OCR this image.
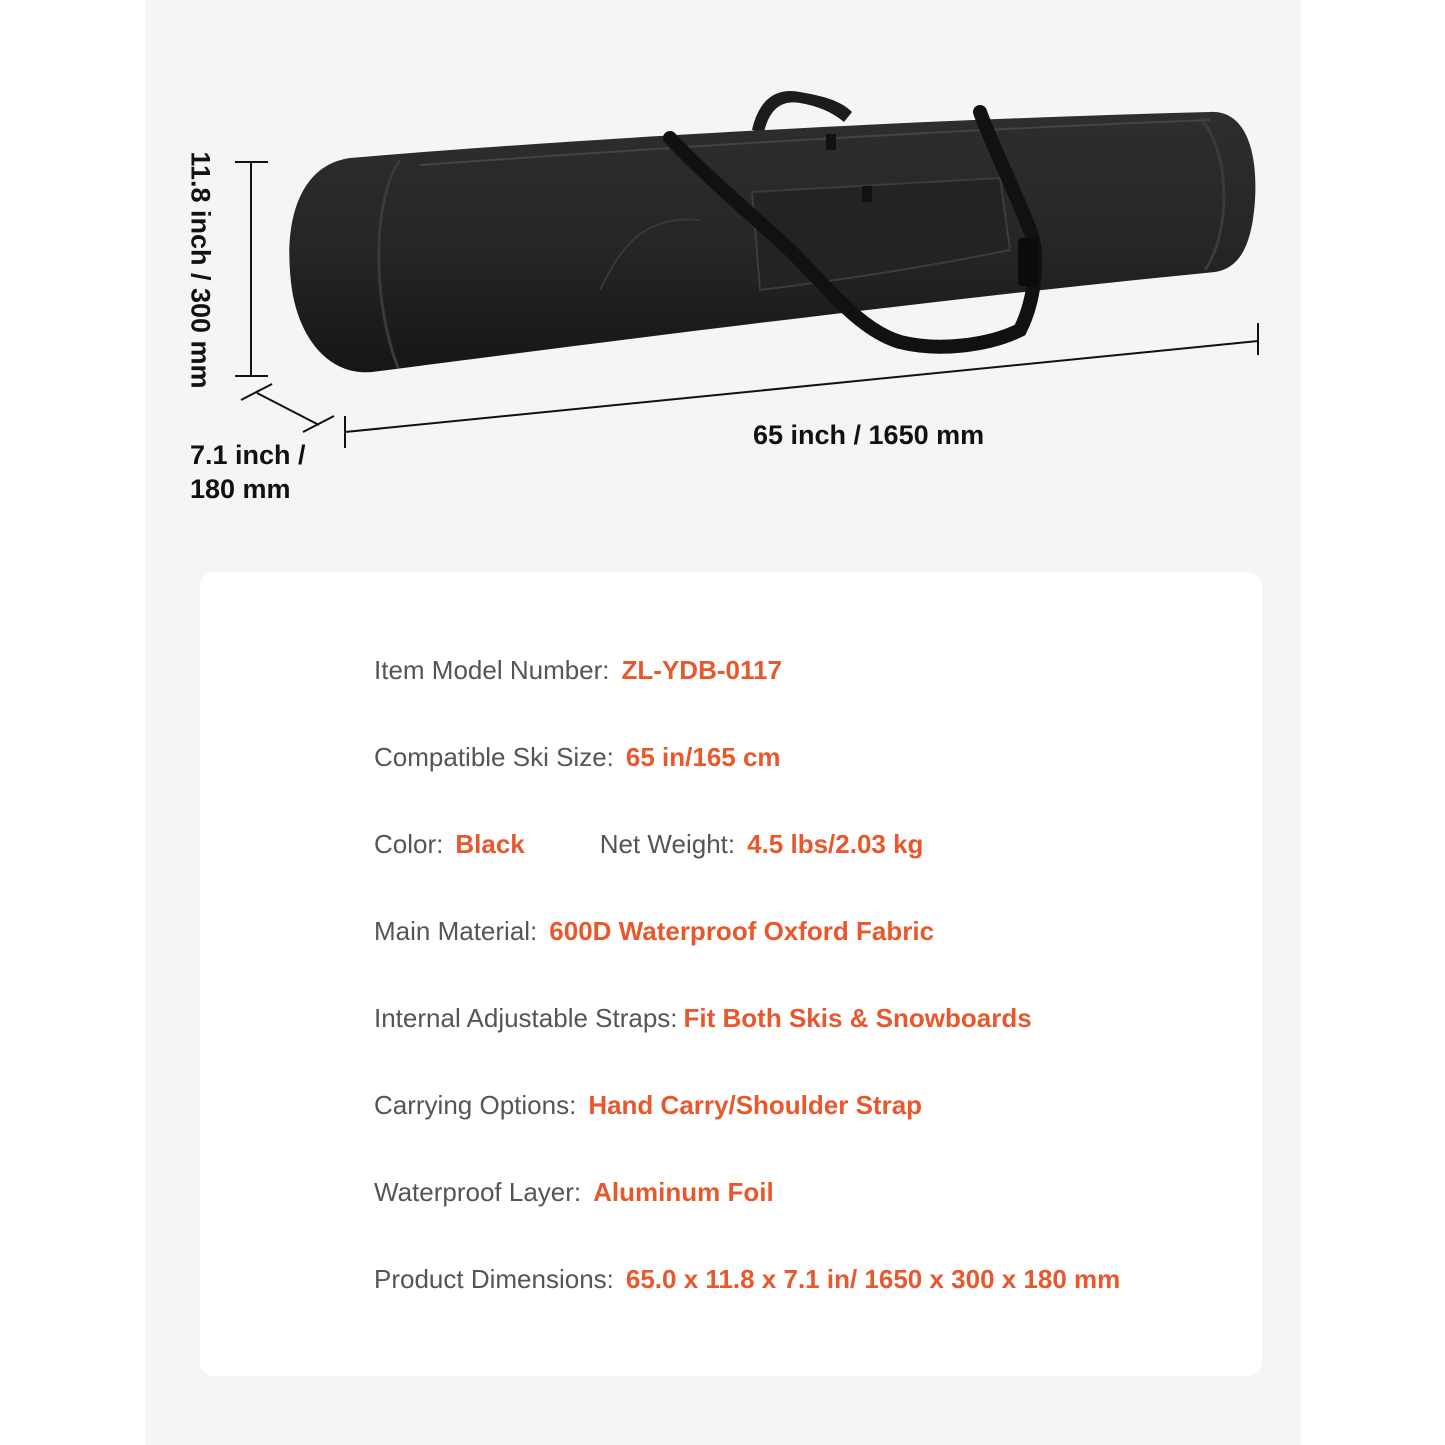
11.8 inch / 300 mm
7.1 inch /
180 mm
65 inch / 1650 mm
Item Model Number: ZL-YDB-0117
Compatible Ski Size: 65 in/165 cm
Color: Black	Net Weight: 4.5 lbs/2.03 kg
Main Material: 600D Waterproof Oxford Fabric
Internal Adjustable Straps: Fit Both Skis & Snowboards
Carrying Options: Hand Carry/Shoulder Strap
Waterproof Layer: Aluminum Foil
Product Dimensions: 65.0 x 11.8 x 7.1 in/ 1650 x 300 x 180 mm
